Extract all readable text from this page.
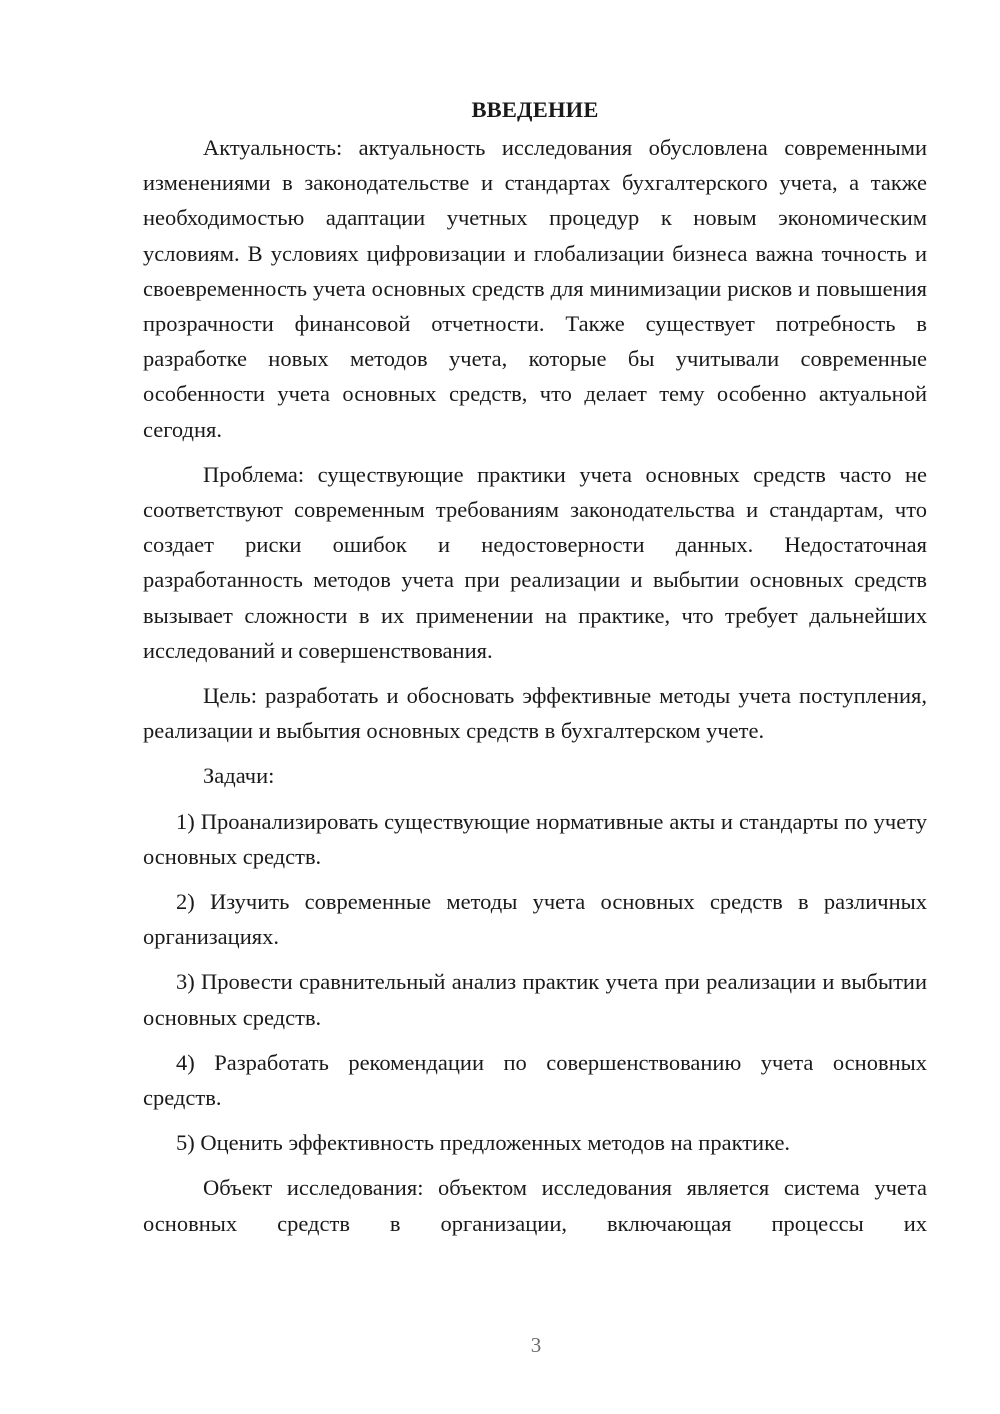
ВВЕДЕНИЕ

Актуальность: актуальность исследования обусловлена современными изменениями в законодательстве и стандартах бухгалтерского учета, а также необходимостью адаптации учетных процедур к новым экономическим условиям. В условиях цифровизации и глобализации бизнеса важна точность и своевременность учета основных средств для минимизации рисков и повышения прозрачности финансовой отчетности. Также существует потребность в разработке новых методов учета, которые бы учитывали современные особенности учета основных средств, что делает тему особенно актуальной сегодня.

Проблема: существующие практики учета основных средств часто не соответствуют современным требованиям законодательства и стандартам, что создает риски ошибок и недостоверности данных. Недостаточная разработанность методов учета при реализации и выбытии основных средств вызывает сложности в их применении на практике, что требует дальнейших исследований и совершенствования.

Цель: разработать и обосновать эффективные методы учета поступления, реализации и выбытия основных средств в бухгалтерском учете.

Задачи:

1) Проанализировать существующие нормативные акты и стандарты по учету основных средств.

2) Изучить современные методы учета основных средств в различных организациях.

3) Провести сравнительный анализ практик учета при реализации и выбытии основных средств.

4) Разработать рекомендации по совершенствованию учета основных средств.

5) Оценить эффективность предложенных методов на практике.

Объект исследования: объектом исследования является система учета основных средств в организации, включающая процессы их

3
